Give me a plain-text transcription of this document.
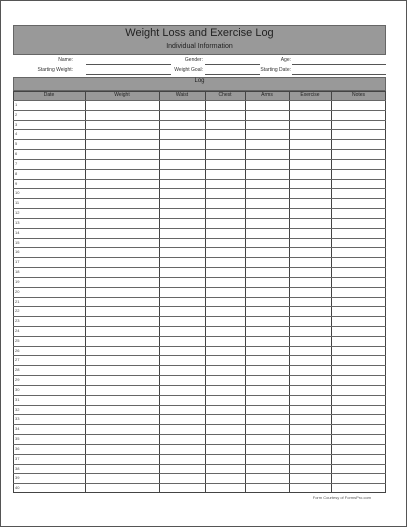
Weight Loss and Exercise Log
Individual Information
Name:	Gender:	Age:
Starting Weight:	Weight Goal:	Starting Date:
Log
Date	Weight	Waist	Chest	Arms	Exercise	Notes
1
2
3
4
5
6
7
8
9
10
11
12
13
14
15
16
17
18
19
20
21
22
23
24
25
26
27
28
29
30
31
32
33
34
35
36
37
38
39
40
Form Courtesy of FormsPro.com
